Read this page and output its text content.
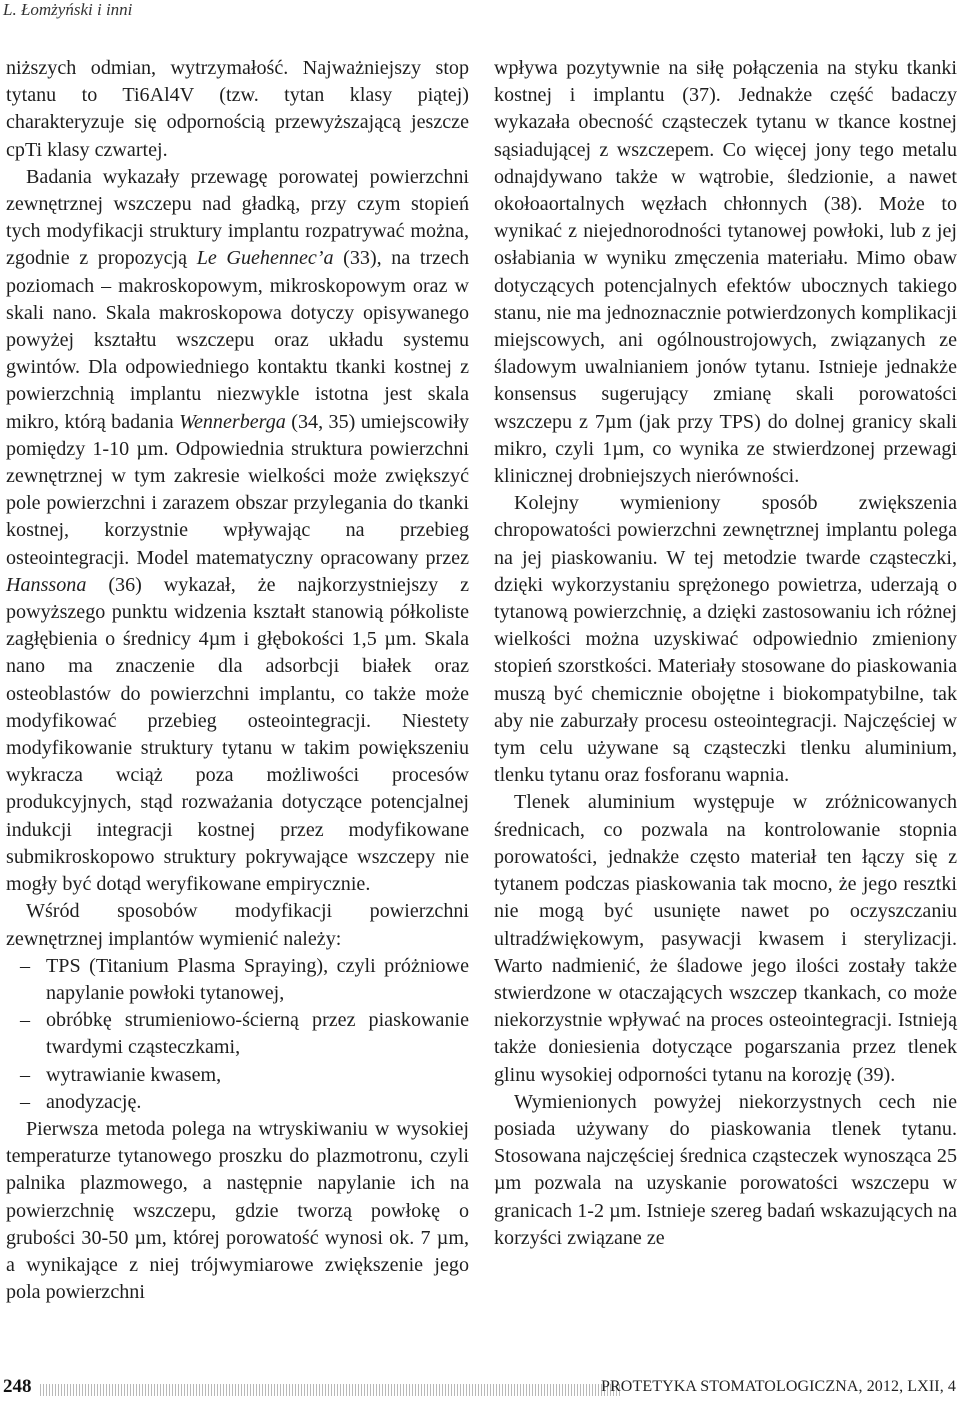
L. Łomżyński i inni

niższych odmian, wytrzymałość. Najważniejszy stop tytanu to Ti6Al4V (tzw. tytan klasy piątej) charakteryzuje się odpornością przewyższającą jeszcze cpTi klasy czwartej.

Badania wykazały przewagę porowatej powierzchni zewnętrznej wszczepu nad gładką, przy czym stopień tych modyfikacji struktury implantu rozpatrywać można, zgodnie z propozycją Le Guehennec’a (33), na trzech poziomach – makroskopowym, mikroskopowym oraz w skali nano. Skala makroskopowa dotyczy opisywanego powyżej kształtu wszczepu oraz układu systemu gwintów. Dla odpowiedniego kontaktu tkanki kostnej z powierzchnią implantu niezwykle istotna jest skala mikro, którą badania Wennerberga (34, 35) umiejscowiły pomiędzy 1-10 µm. Odpowiednia struktura powierzchni zewnętrznej w tym zakresie wielkości może zwiększyć pole powierzchni i zarazem obszar przylegania do tkanki kostnej, korzystnie wpływając na przebieg osteointegracji. Model matematyczny opracowany przez Hanssona (36) wykazał, że najkorzystniejszy z powyższego punktu widzenia kształt stanowią półkoliste zagłębienia o średnicy 4µm i głębokości 1,5 µm. Skala nano ma znaczenie dla adsorbcji białek oraz osteoblastów do powierzchni implantu, co także może modyfikować przebieg osteointegracji. Niestety modyfikowanie struktury tytanu w takim powiększeniu wykracza wciąż poza możliwości procesów produkcyjnych, stąd rozważania dotyczące potencjalnej indukcji integracji kostnej przez modyfikowane submikroskopowo struktury pokrywające wszczepy nie mogły być dotąd weryfikowane empirycznie.

Wśród sposobów modyfikacji powierzchni zewnętrznej implantów wymienić należy:

– TPS (Titanium Plasma Spraying), czyli próżniowe napylanie powłoki tytanowej,
– obróbkę strumieniowo-ścierną przez piaskowanie twardymi cząsteczkami,
– wytrawianie kwasem,
– anodyzację.

Pierwsza metoda polega na wtryskiwaniu w wysokiej temperaturze tytanowego proszku do plazmotronu, czyli palnika plazmowego, a następnie napylanie ich na powierzchnię wszczepu, gdzie tworzą powłokę o grubości 30-50 µm, której porowatość wynosi ok. 7 µm, a wynikające z niej trójwymiarowe zwiększenie jego pola powierzchni

wpływa pozytywnie na siłę połączenia na styku tkanki kostnej i implantu (37). Jednakże część badaczy wykazała obecność cząsteczek tytanu w tkance kostnej sąsiadującej z wszczepem. Co więcej jony tego metalu odnajdywano także w wątrobie, śledzionie, a nawet okołoaortalnych węzłach chłonnych (38). Może to wynikać z niejednorodności tytanowej powłoki, lub z jej osłabiania w wyniku zmęczenia materiału. Mimo obaw dotyczących potencjalnych efektów ubocznych takiego stanu, nie ma jednoznacznie potwierdzonych komplikacji miejscowych, ani ogólnoustrojowych, związanych ze śladowym uwalnianiem jonów tytanu. Istnieje jednakże konsensus sugerujący zmianę skali porowatości wszczepu z 7µm (jak przy TPS) do dolnej granicy skali mikro, czyli 1µm, co wynika ze stwierdzonej przewagi klinicznej drobniejszych nierówności.

Kolejny wymieniony sposób zwiększenia chropowatości powierzchni zewnętrznej implantu polega na jej piaskowaniu. W tej metodzie twarde cząsteczki, dzięki wykorzystaniu sprężonego powietrza, uderzają o tytanową powierzchnię, a dzięki zastosowaniu ich różnej wielkości można uzyskiwać odpowiednio zmieniony stopień szorstkości. Materiały stosowane do piaskowania muszą być chemicznie obojętne i biokompatybilne, tak aby nie zaburzały procesu osteointegracji. Najczęściej w tym celu używane są cząsteczki tlenku aluminium, tlenku tytanu oraz fosforanu wapnia.

Tlenek aluminium występuje w zróżnicowanych średnicach, co pozwala na kontrolowanie stopnia porowatości, jednakże często materiał ten łączy się z tytanem podczas piaskowania tak mocno, że jego resztki nie mogą być usunięte nawet po oczyszczaniu ultradźwiękowym, pasywacji kwasem i sterylizacji. Warto nadmienić, że śladowe jego ilości zostały także stwierdzone w otaczających wszczep tkankach, co może niekorzystnie wpływać na proces osteointegracji. Istnieją także doniesienia dotyczące pogarszania przez tlenek glinu wysokiej odporności tytanu na korozję (39).

Wymienionych powyżej niekorzystnych cech nie posiada używany do piaskowania tlenek tytanu. Stosowana najczęściej średnica cząsteczek wynosząca 25 µm pozwala na uzyskanie porowatości wszczepu w granicach 1-2 µm. Istnieje szereg badań wskazujących na korzyści związane ze

248	PROTETYKA STOMATOLOGICZNA, 2012, LXII, 4
